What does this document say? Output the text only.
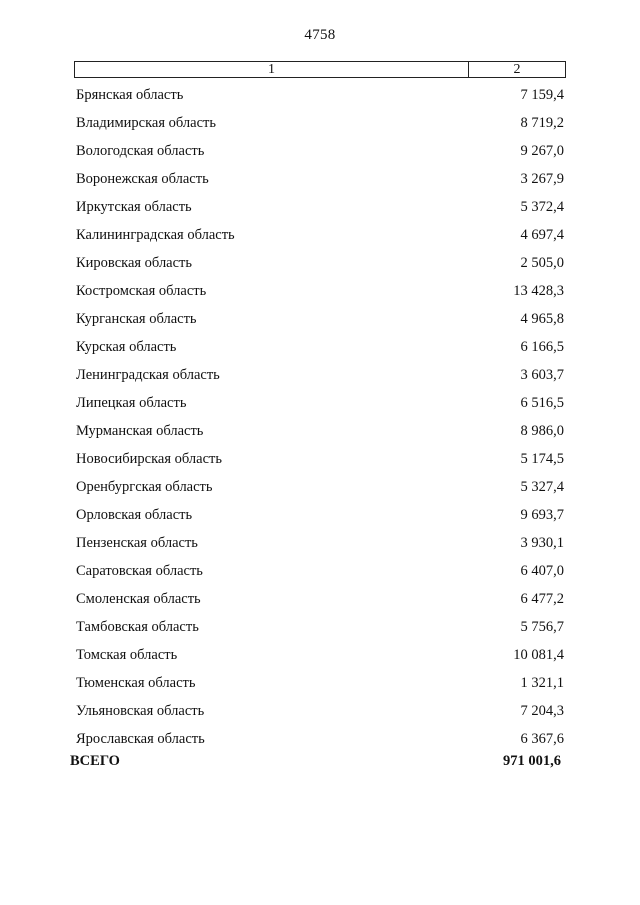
4758
1	2
Брянская область	7 159,4
Владимирская область	8 719,2
Вологодская область	9 267,0
Воронежская область	3 267,9
Иркутская область	5 372,4
Калининградская область	4 697,4
Кировская область	2 505,0
Костромская область	13 428,3
Курганская область	4 965,8
Курская область	6 166,5
Ленинградская область	3 603,7
Липецкая область	6 516,5
Мурманская область	8 986,0
Новосибирская область	5 174,5
Оренбургская область	5 327,4
Орловская область	9 693,7
Пензенская область	3 930,1
Саратовская область	6 407,0
Смоленская область	6 477,2
Тамбовская область	5 756,7
Томская область	10 081,4
Тюменская область	1 321,1
Ульяновская область	7 204,3
Ярославская область	6 367,6
ВСЕГО	971 001,6
